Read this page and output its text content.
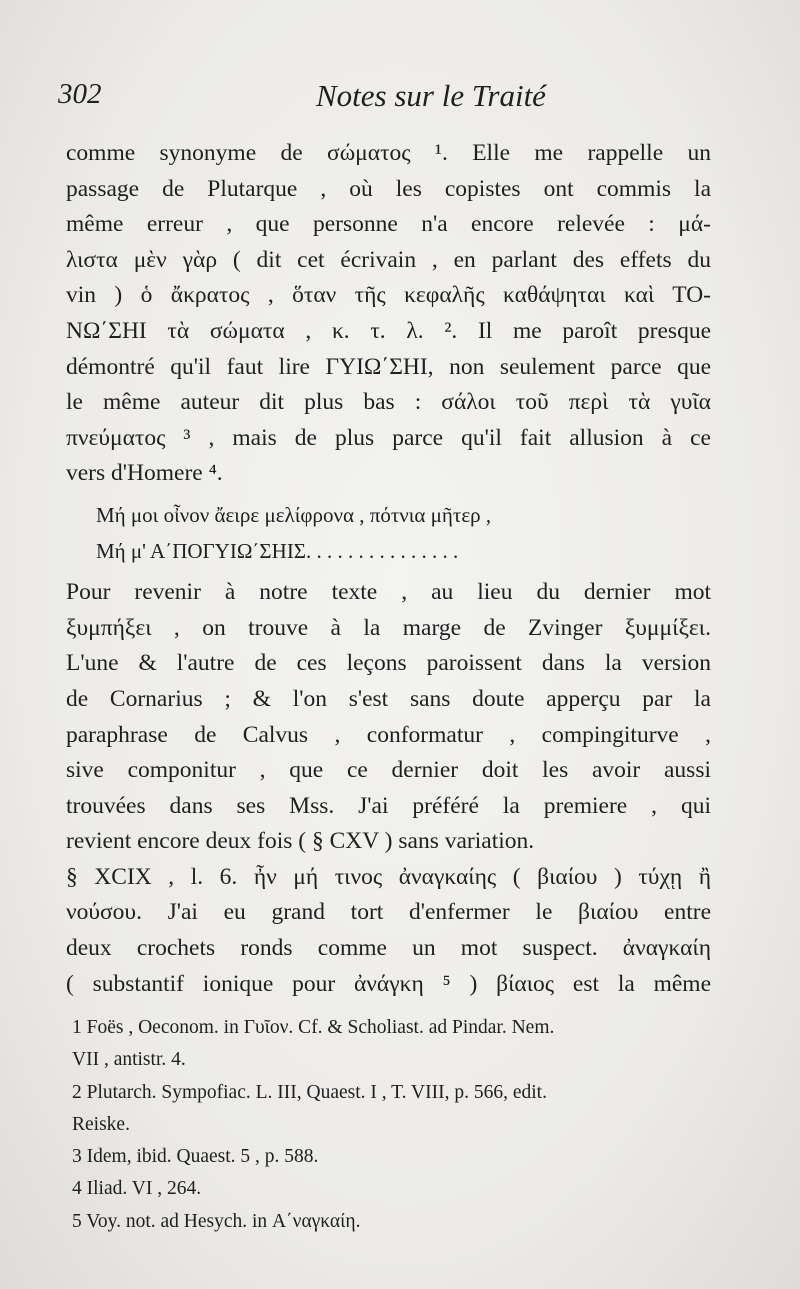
302	Notes sur le Traité
comme synonyme de σώματος ¹. Elle me rappelle un
passage de Plutarque , où les copistes ont commis la
même erreur , que personne n'a encore relevée : μά-
λιστα μὲν γὰρ ( dit cet écrivain , en parlant des effets du
vin ) ὁ ἄκρατος , ὅταν τῆς κεφαλῆς καθάψηται καὶ ΤΟ-
ΝΩ΄ΣΗΙ τὰ σώματα , κ. τ. λ. ². Il me paroît presque
démontré qu'il faut lire ΓΥΙΩ΄ΣΗΙ, non seulement parce que
le même auteur dit plus bas : σάλοι τοῦ περὶ τὰ γυῖα
πνεύματος ³ , mais de plus parce qu'il fait allusion à ce
vers d'Homere ⁴.
Μή μοι οἶνον ἄειρε μελίφρονα , πότνια μῆτερ ,
Μή μ' Α΄ΠΟΓΥΙΩ΄ΣΗΙΣ. . . . . . . . . . . . . . .
Pour revenir à notre texte , au lieu du dernier mot
ξυμπήξει , on trouve à la marge de Zvinger ξυμμίξει.
L'une & l'autre de ces leçons paroissent dans la version
de Cornarius ; & l'on s'est sans doute apperçu par la
paraphrase de Calvus , conformatur , compingiturve ,
sive componitur , que ce dernier doit les avoir aussi
trouvées dans ses Mss. J'ai préféré la premiere , qui
revient encore deux fois ( § CXV ) sans variation.
§ XCIX , l. 6. ἦν μή τινος ἀναγκαίης ( βιαίου ) τύχῃ ἢ
νούσου. J'ai eu grand tort d'enfermer le βιαίου entre
deux crochets ronds comme un mot suspect. ἀναγκαίη
( substantif ionique pour ἀνάγκη ⁵ ) βίαιος est la même
1 Foës , Oeconom. in Γυῖον. Cf. & Scholiast. ad Pindar. Nem.
VII , antistr. 4.
2 Plutarch. Sympofiac. L. III, Quaest. I , T. VIII, p. 566, edit.
Reiske.
3 Idem, ibid. Quaest. 5 , p. 588.
4 Iliad. VI , 264.
5 Voy. not. ad Hesych. in Α΄ναγκαίη.
